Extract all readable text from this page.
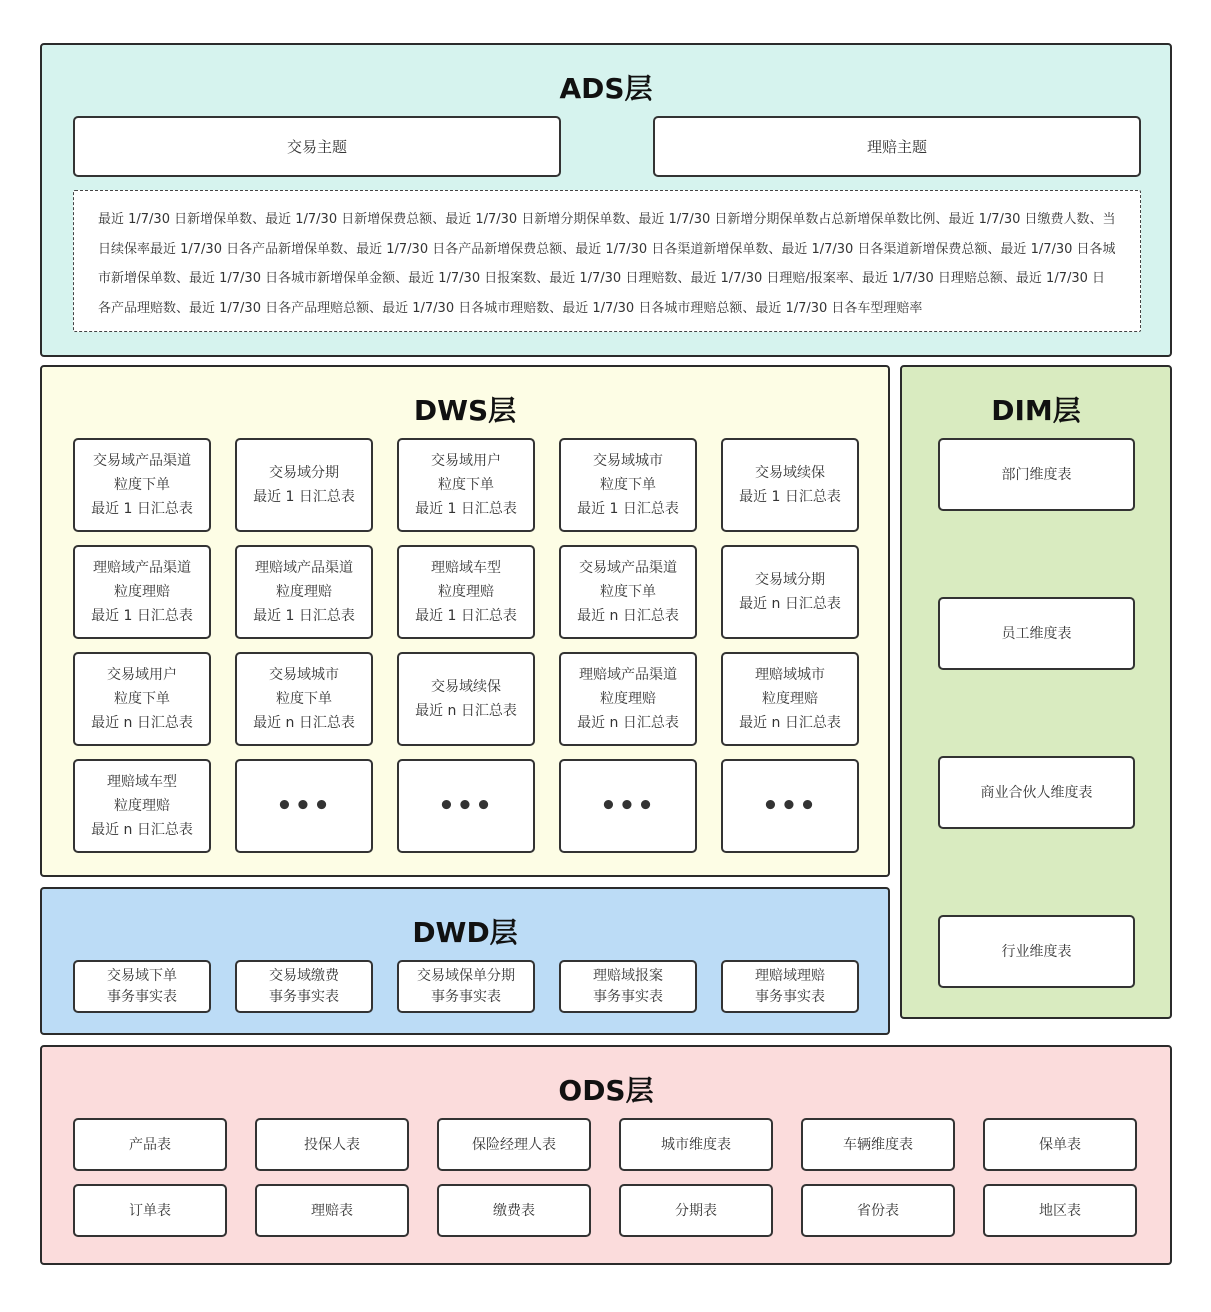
ADS层
交易主题	理赔主题
最近 1/7/30 日新增保单数、最近 1/7/30 日新增保费总额、最近 1/7/30 日新增分期保单数、最近 1/7/30 日新增分期保单数占总新增保单数比例、最近 1/7/30 日缴费人数、当日续保率最近 1/7/30 日各产品新增保单数、最近 1/7/30 日各产品新增保费总额、最近 1/7/30 日各渠道新增保单数、最近 1/7/30 日各渠道新增保费总额、最近 1/7/30 日各城市新增保单数、最近 1/7/30 日各城市新增保单金额、最近 1/7/30 日报案数、最近 1/7/30 日理赔数、最近 1/7/30 日理赔/报案率、最近 1/7/30 日理赔总额、最近 1/7/30 日各产品理赔数、最近 1/7/30 日各产品理赔总额、最近 1/7/30 日各城市理赔数、最近 1/7/30 日各城市理赔总额、最近 1/7/30 日各车型理赔率
DWS层
交易域产品渠道
粒度下单
最近 1 日汇总表
交易域分期
最近 1 日汇总表
交易域用户
粒度下单
最近 1 日汇总表
交易域城市
粒度下单
最近 1 日汇总表
交易域续保
最近 1 日汇总表
理赔域产品渠道
粒度理赔
最近 1 日汇总表
理赔域产品渠道
粒度理赔
最近 1 日汇总表
理赔域车型
粒度理赔
最近 1 日汇总表
交易域产品渠道
粒度下单
最近 n 日汇总表
交易域分期
最近 n 日汇总表
交易域用户
粒度下单
最近 n 日汇总表
交易域城市
粒度下单
最近 n 日汇总表
交易域续保
最近 n 日汇总表
理赔域产品渠道
粒度理赔
最近 n 日汇总表
理赔域城市
粒度理赔
最近 n 日汇总表
理赔域车型
粒度理赔
最近 n 日汇总表
•••	•••	•••	•••
DIM层
部门维度表
员工维度表
商业合伙人维度表
行业维度表
DWD层
交易域下单
事务事实表
交易域缴费
事务事实表
交易域保单分期
事务事实表
理赔域报案
事务事实表
理赔域理赔
事务事实表
ODS层
产品表	投保人表	保险经理人表	城市维度表	车辆维度表	保单表
订单表	理赔表	缴费表	分期表	省份表	地区表
